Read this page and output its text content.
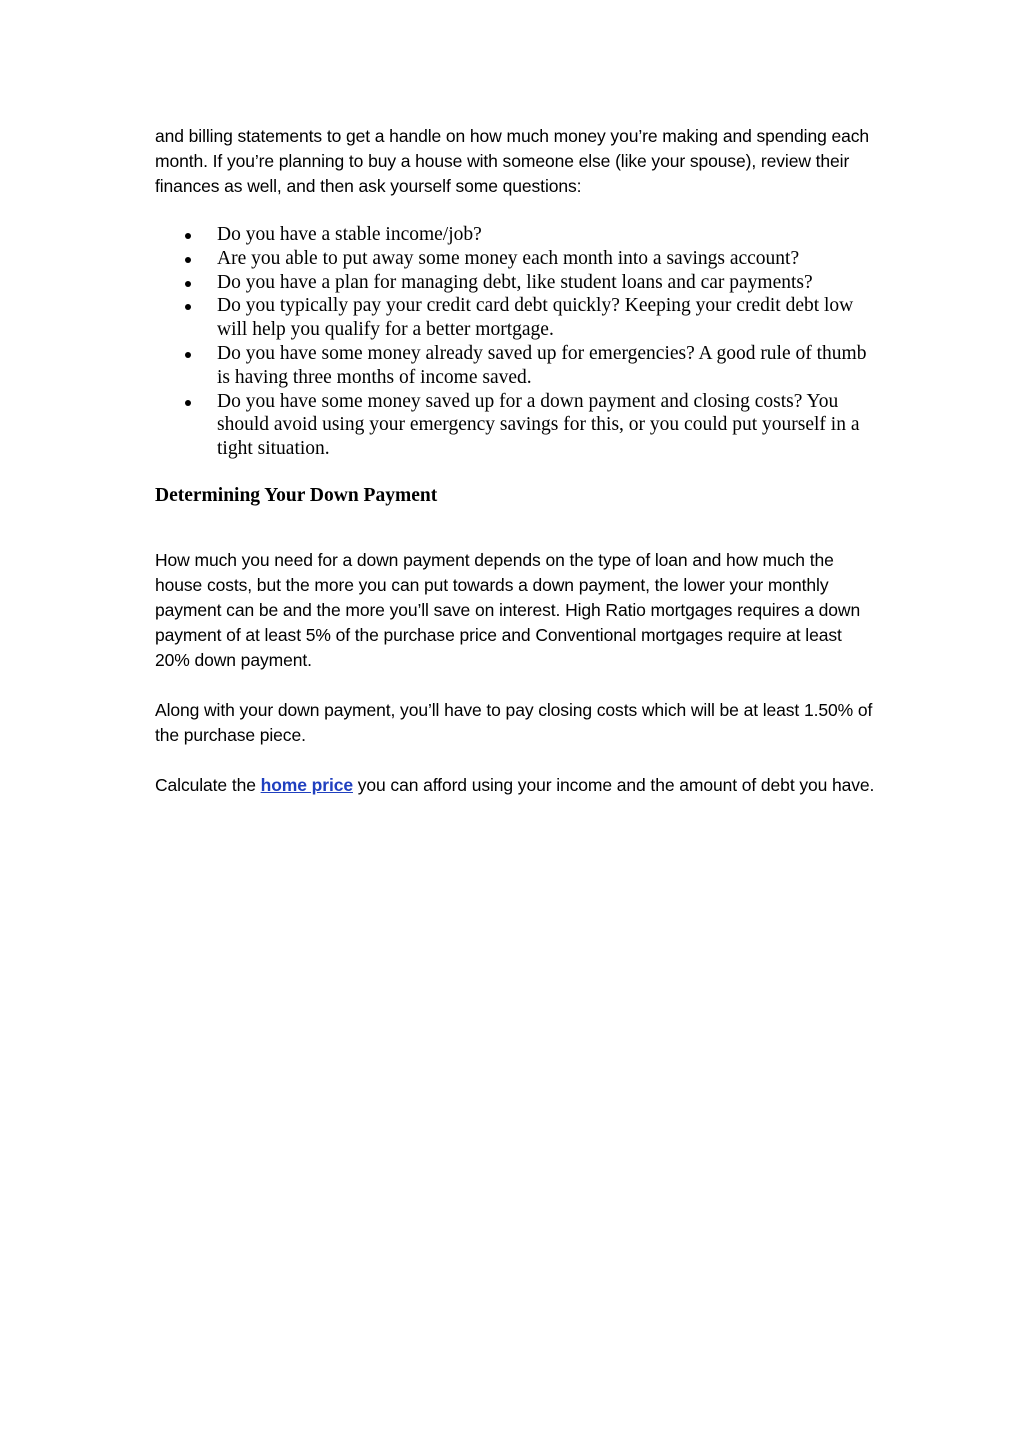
and billing statements to get a handle on how much money you’re making and spending each month. If you’re planning to buy a house with someone else (like your spouse), review their finances as well, and then ask yourself some questions:

Do you have a stable income/job?
Are you able to put away some money each month into a savings account?
Do you have a plan for managing debt, like student loans and car payments?
Do you typically pay your credit card debt quickly? Keeping your credit debt low will help you qualify for a better mortgage.
Do you have some money already saved up for emergencies? A good rule of thumb is having three months of income saved.
Do you have some money saved up for a down payment and closing costs? You should avoid using your emergency savings for this, or you could put yourself in a tight situation.
Determining Your Down Payment

How much you need for a down payment depends on the type of loan and how much the house costs, but the more you can put towards a down payment, the lower your monthly payment can be and the more you’ll save on interest. High Ratio mortgages requires a down payment of at least 5% of the purchase price and Conventional mortgages require at least 20% down payment.

Along with your down payment, you’ll have to pay closing costs which will be at least 1.50% of the purchase piece.

Calculate the home price you can afford using your income and the amount of debt you have.
